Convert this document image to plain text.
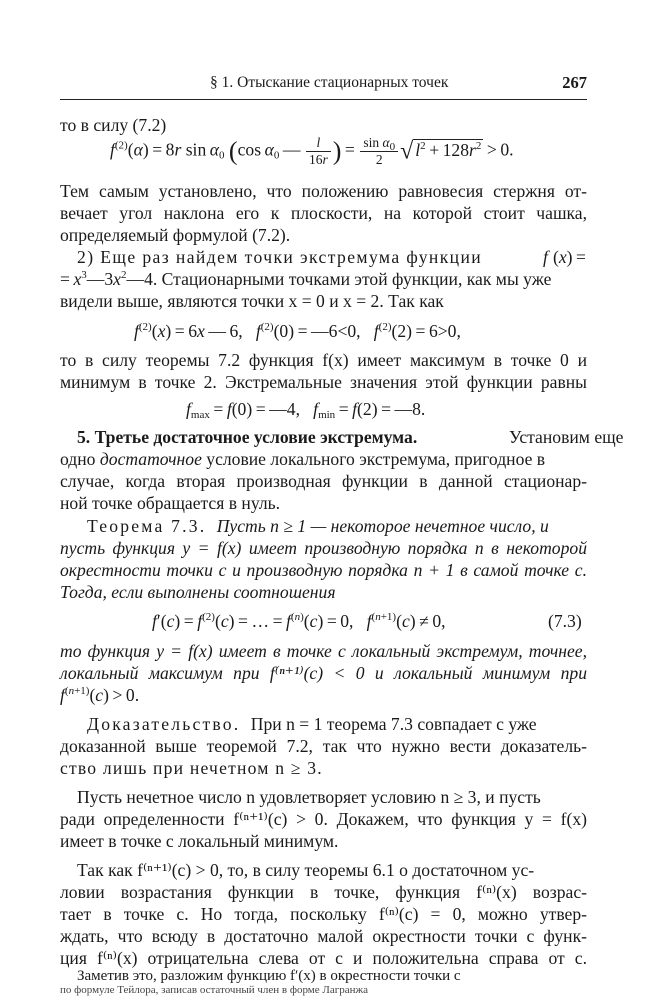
§ 1. Отыскание стационарных точек	267
то в силу (7.2)
$f^{(2)}(\alpha) = 8r$ $\sin \alpha_0$ (cos $\alpha_0$ —  $\frac{l}{16r}$ ) =  $\frac{\sin \alpha_0}{2}$ √ $l^2 + 128r^2 > 0$.
Тем самым установлено, что положению равновесия стержня от-
вечает угол наклона его к плоскости, на которой стоит чашка,
определяемый формулой (7.2).
2) Еще раз найдем точки экстремума функции	f (x) =
= $x^3—3x^2—4$. Стационарными точками этой функции, как мы уже
видели выше, являются точки x = 0 и x = 2. Так как
$f^{(2)}(x) = 6x$ — 6,   $f^{(2)}(0)$ = —6<0,   $f^{(2)}(2) = 6>0$,
то в силу теоремы 7.2 функция f(x) имеет максимум в точке 0 и
минимум в точке 2. Экстремальные значения этой функции равны
$f_{max} = f(0)$ = —4,   $f_{min} = f(2)$ = —8.
5. Третье достаточное условие экстремума.	Установим еще
одно достаточное условие локального экстремума, пригодное в
случае, когда вторая производная функции в данной стационар-
ной точке обращается в нуль.
Теорема 7.3. Пусть n ≥ 1 — некоторое нечетное число, и
пусть функция y = f(x) имеет производную порядка n в некоторой
окрестности точки c и производную порядка n + 1 в самой точке c.
Тогда, если выполнены соотношения
$f'(c) = f^{(2)}(c)$ = … = $f^{(n)}(c) = 0$,   $f^{(n+1)}(c) \ne 0$,	(7.3)
то функция y = f(x) имеет в точке c локальный экстремум, точнее,
локальный максимум при f⁽ⁿ⁺¹⁾(c) < 0 и локальный минимум при
$f^{(n+1)}(c) > 0$.
Доказательство. При n = 1 теорема 7.3 совпадает с уже
доказанной выше теоремой 7.2, так что нужно вести доказатель-
ство лишь при нечетном n ≥ 3.
Пусть нечетное число n удовлетворяет условию n ≥ 3, и пусть
ради определенности f⁽ⁿ⁺¹⁾(c) > 0. Докажем, что функция y = f(x)
имеет в точке c локальный минимум.
Так как f⁽ⁿ⁺¹⁾(c) > 0, то, в силу теоремы 6.1 о достаточном ус-
ловии возрастания функции в точке, функция f⁽ⁿ⁾(x) возрас-
тает в точке c. Но тогда, поскольку f⁽ⁿ⁾(c) = 0, можно утвер-
ждать, что всюду в достаточно малой окрестности точки c функ-
ция f⁽ⁿ⁾(x) отрицательна слева от c и положительна справа от c.
Заметив это, разложим функцию f′(x) в окрестности точки c
по формуле Тейлора, записав остаточный член в форме Лагранжа
